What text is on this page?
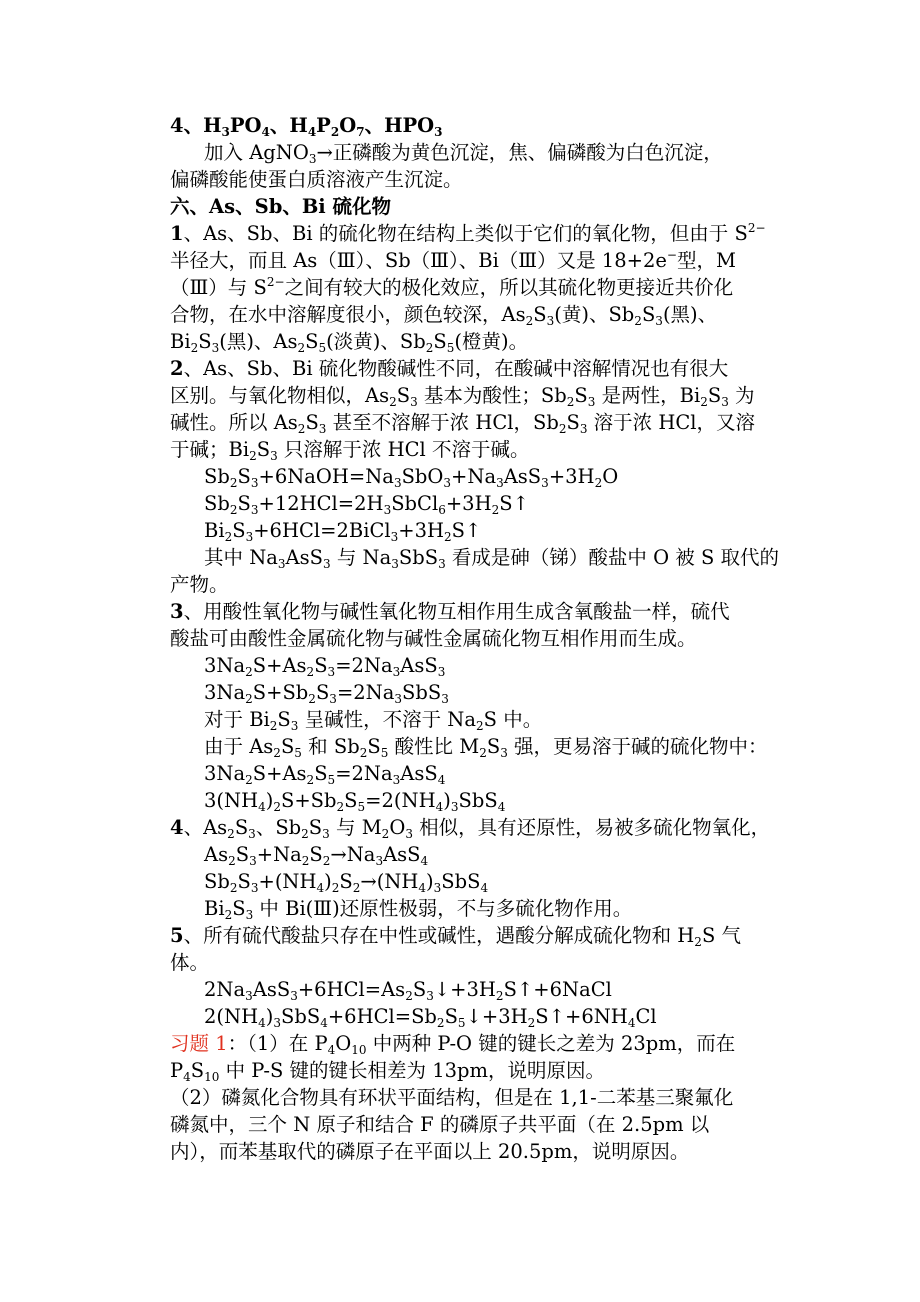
4、$H_3PO_4$、$H_4P_2O_7$、$HPO_3$
加入 AgNO$_3$→正磷酸为黄色沉淀，焦、偏磷酸为白色沉淀，
偏磷酸能使蛋白质溶液产生沉淀。
六、As、Sb、Bi 硫化物
1、As、Sb、Bi 的硫化物在结构上类似于它们的氧化物，但由于 $S^{2-}$
半径大，而且 As（Ⅲ）、Sb（Ⅲ）、Bi（Ⅲ）又是 18+2e−型，M
（Ⅲ）与 $S^{2-}$之间有较大的极化效应，所以其硫化物更接近共价化
合物，在水中溶解度很小，颜色较深，$As_2S_3$(黄)、$Sb_2S_3$(黑)、
$Bi_2S_3$(黑)、$As_2S_5$(淡黄)、$Sb_2S_5$(橙黄)。
2、As、Sb、Bi 硫化物酸碱性不同，在酸碱中溶解情况也有很大
区别。与氧化物相似，$As_2S_3$ 基本为酸性；$Sb_2S_3$ 是两性，$Bi_2S_3$ 为
碱性。所以 $As_2S_3$ 甚至不溶解于浓 HCl，$Sb_2S_3$ 溶于浓 HCl，又溶
于碱；$Bi_2S_3$ 只溶解于浓 HCl 不溶于碱。
$Sb_2S_3+6NaOH=Na_3SbO_3+Na_3AsS_3+3H_2O$
$Sb_2S_3+12HCl=2H_3SbCl_6+3H_2S↑$
$Bi_2S_3+6HCl=2BiCl_3+3H_2S↑$
其中 $Na_3AsS_3$ 与 $Na_3SbS_3$ 看成是砷（锑）酸盐中 O 被 S 取代的
产物。
3、用酸性氧化物与碱性氧化物互相作用生成含氧酸盐一样，硫代
酸盐可由酸性金属硫化物与碱性金属硫化物互相作用而生成。
$3Na_2S+As_2S_3=2Na_3AsS_3$
$3Na_2S+Sb_2S_3=2Na_3SbS_3$
对于 $Bi_2S_3$ 呈碱性，不溶于 $Na_2S$ 中。
由于 $As_2S_5$ 和 $Sb_2S_5$ 酸性比 $M_2S_3$ 强，更易溶于碱的硫化物中：
$3Na_2S+As_2S_5=2Na_3AsS_4$
$3(NH_4)_2S+Sb_2S_5=2(NH_4)_3SbS_4$
4、$As_2S_3$、$Sb_2S_3$ 与 $M_2O_3$ 相似，具有还原性，易被多硫化物氧化，
$As_2S_3+Na_2S_2\to Na_3AsS_4$
$Sb_2S_3+(NH_4)_2S_2\to(NH_4)_3SbS_4$
$Bi_2S_3$ 中 Bi(Ⅲ)还原性极弱，不与多硫化物作用。
5、所有硫代酸盐只存在中性或碱性，遇酸分解成硫化物和 $H_2S$ 气
体。
$2Na_3AsS_3+6HCl=As_2S_3↓+3H_2S↑+6NaCl$
$2(NH_4)_3SbS_4+6HCl=Sb_2S_5↓+3H_2S↑+6NH_4Cl$
习题 1：（1）在 $P_4O_{10}$ 中两种 P-O 键的键长之差为 23pm，而在
$P_4S_{10}$ 中 P-S 键的键长相差为 13pm，说明原因。
（2）磷氮化合物具有环状平面结构，但是在 1,1-二苯基三聚氟化
磷氮中，三个 N 原子和结合 F 的磷原子共平面（在 2.5pm 以
内），而苯基取代的磷原子在平面以上 20.5pm，说明原因。
